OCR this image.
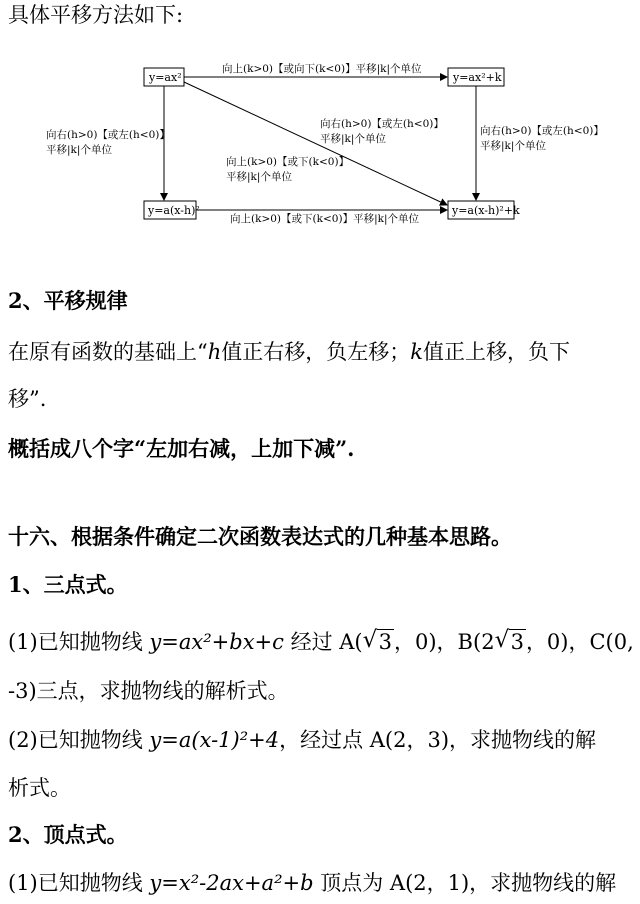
具体平移方法如下:
y=ax²	y=ax²+k
y=a(x-h)²	y=a(x-h)²+k
向上(k>0)【或向下(k<0)】平移|k|个单位
向上(k>0)【或下(k<0)】平移|k|个单位
向右(h>0)【或左(h<0)】
平移|k|个单位
向右(h>0)【或左(h<0)】
平移|k|个单位
向右(h>0)【或左(h<0)】
平移|k|个单位
向上(k>0)【或下(k<0)】
平移|k|个单位
2、平移规律
在原有函数的基础上“h值正右移，负左移；k值正上移，负下
移”.
概括成八个字“左加右减，上加下减”.
十六、根据条件确定二次函数表达式的几种基本思路。
1、三点式。
(1)已知抛物线 y=ax²+bx+c 经过 A( √ 3，0)，B(2 √ 3，0)，C(0,
-3)三点，求抛物线的解析式。
(2)已知抛物线 y=a(x-1)²+4，经过点 A(2，3)，求抛物线的解
析式。
2、顶点式。
(1)已知抛物线 y=x²-2ax+a²+b 顶点为 A(2，1)，求抛物线的解
